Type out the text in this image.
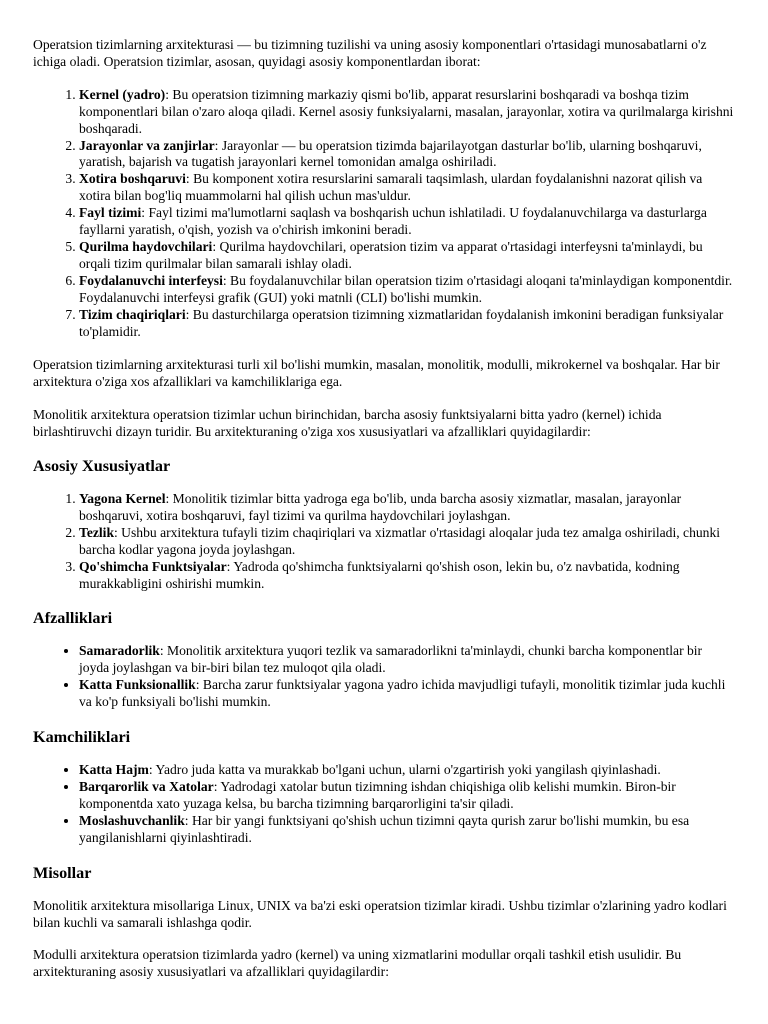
Operatsion tizimlarning arxitekturasi — bu tizimning tuzilishi va uning asosiy komponentlari o'rtasidagi munosabatlarni o'z ichiga oladi. Operatsion tizimlar, asosan, quyidagi asosiy komponentlardan iborat:

1. Kernel (yadro): Bu operatsion tizimning markaziy qismi bo'lib, apparat resurslarini boshqaradi va boshqa tizim komponentlari bilan o'zaro aloqa qiladi. Kernel asosiy funksiyalarni, masalan, jarayonlar, xotira va qurilmalarga kirishni boshqaradi.
2. Jarayonlar va zanjirlar: Jarayonlar — bu operatsion tizimda bajarilayotgan dasturlar bo'lib, ularning boshqaruvi, yaratish, bajarish va tugatish jarayonlari kernel tomonidan amalga oshiriladi.
3. Xotira boshqaruvi: Bu komponent xotira resurslarini samarali taqsimlash, ulardan foydalanishni nazorat qilish va xotira bilan bog'liq muammolarni hal qilish uchun mas'uldur.
4. Fayl tizimi: Fayl tizimi ma'lumotlarni saqlash va boshqarish uchun ishlatiladi. U foydalanuvchilarga va dasturlarga fayllarni yaratish, o'qish, yozish va o'chirish imkonini beradi.
5. Qurilma haydovchilari: Qurilma haydovchilari, operatsion tizim va apparat o'rtasidagi interfeysni ta'minlaydi, bu orqali tizim qurilmalar bilan samarali ishlay oladi.
6. Foydalanuvchi interfeysi: Bu foydalanuvchilar bilan operatsion tizim o'rtasidagi aloqani ta'minlaydigan komponentdir. Foydalanuvchi interfeysi grafik (GUI) yoki matnli (CLI) bo'lishi mumkin.
7. Tizim chaqiriqlari: Bu dasturchilarga operatsion tizimning xizmatlaridan foydalanish imkonini beradigan funksiyalar to'plamidir.

Operatsion tizimlarning arxitekturasi turli xil bo'lishi mumkin, masalan, monolitik, modulli, mikrokernel va boshqalar. Har bir arxitektura o'ziga xos afzalliklari va kamchiliklariga ega.

Monolitik arxitektura operatsion tizimlar uchun birinchidan, barcha asosiy funktsiyalarni bitta yadro (kernel) ichida birlashtiruvchi dizayn turidir. Bu arxitekturaning o'ziga xos xususiyatlari va afzalliklari quyidagilardir:

Asosiy Xususiyatlar
1. Yagona Kernel: Monolitik tizimlar bitta yadroga ega bo'lib, unda barcha asosiy xizmatlar, masalan, jarayonlar boshqaruvi, xotira boshqaruvi, fayl tizimi va qurilma haydovchilari joylashgan.
2. Tezlik: Ushbu arxitektura tufayli tizim chaqiriqlari va xizmatlar o'rtasidagi aloqalar juda tez amalga oshiriladi, chunki barcha kodlar yagona joyda joylashgan.
3. Qo'shimcha Funktsiyalar: Yadroda qo'shimcha funktsiyalarni qo'shish oson, lekin bu, o'z navbatida, kodning murakkabligini oshirishi mumkin.
Afzalliklari
• Samaradorlik: Monolitik arxitektura yuqori tezlik va samaradorlikni ta'minlaydi, chunki barcha komponentlar bir joyda joylashgan va bir-biri bilan tez muloqot qila oladi.
• Katta Funksionallik: Barcha zarur funktsiyalar yagona yadro ichida mavjudligi tufayli, monolitik tizimlar juda kuchli va ko'p funksiyali bo'lishi mumkin.
Kamchiliklari
• Katta Hajm: Yadro juda katta va murakkab bo'lgani uchun, ularni o'zgartirish yoki yangilash qiyinlashadi.
• Barqarorlik va Xatolar: Yadrodagi xatolar butun tizimning ishdan chiqishiga olib kelishi mumkin. Biron-bir komponentda xato yuzaga kelsa, bu barcha tizimning barqarorligini ta'sir qiladi.
• Moslashuvchanlik: Har bir yangi funktsiyani qo'shish uchun tizimni qayta qurish zarur bo'lishi mumkin, bu esa yangilanishlarni qiyinlashtiradi.
Misollar

Monolitik arxitektura misollariga Linux, UNIX va ba'zi eski operatsion tizimlar kiradi. Ushbu tizimlar o'zlarining yadro kodlari bilan kuchli va samarali ishlashga qodir.

Modulli arxitektura operatsion tizimlarda yadro (kernel) va uning xizmatlarini modullar orqali tashkil etish usulidir. Bu arxitekturaning asosiy xususiyatlari va afzalliklari quyidagilardir:
